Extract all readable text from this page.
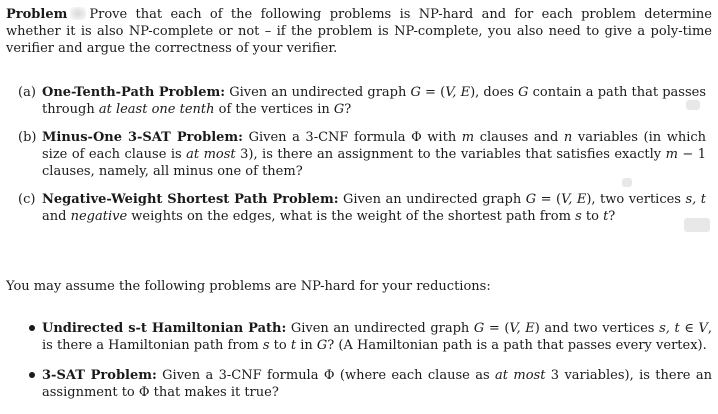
Problem Prove that each of the following problems is NP-hard and for each problem determine whether it is also NP-complete or not – if the problem is NP-complete, you also need to give a poly-time verifier and argue the correctness of your verifier.

(a) One-Tenth-Path Problem: Given an undirected graph G = (V, E), does G contain a path that passes through at least one tenth of the vertices in G?
(b) Minus-One 3-SAT Problem: Given a 3-CNF formula Φ with m clauses and n variables (in which size of each clause is at most 3), is there an assignment to the variables that satisfies exactly m − 1 clauses, namely, all minus one of them?
(c) Negative-Weight Shortest Path Problem: Given an undirected graph G = (V, E), two vertices s, t and negative weights on the edges, what is the weight of the shortest path from s to t?

You may assume the following problems are NP-hard for your reductions:

Undirected s-t Hamiltonian Path: Given an undirected graph G = (V, E) and two vertices s, t ∈ V, is there a Hamiltonian path from s to t in G? (A Hamiltonian path is a path that passes every vertex).
3-SAT Problem: Given a 3-CNF formula Φ (where each clause as at most 3 variables), is there an assignment to Φ that makes it true?
